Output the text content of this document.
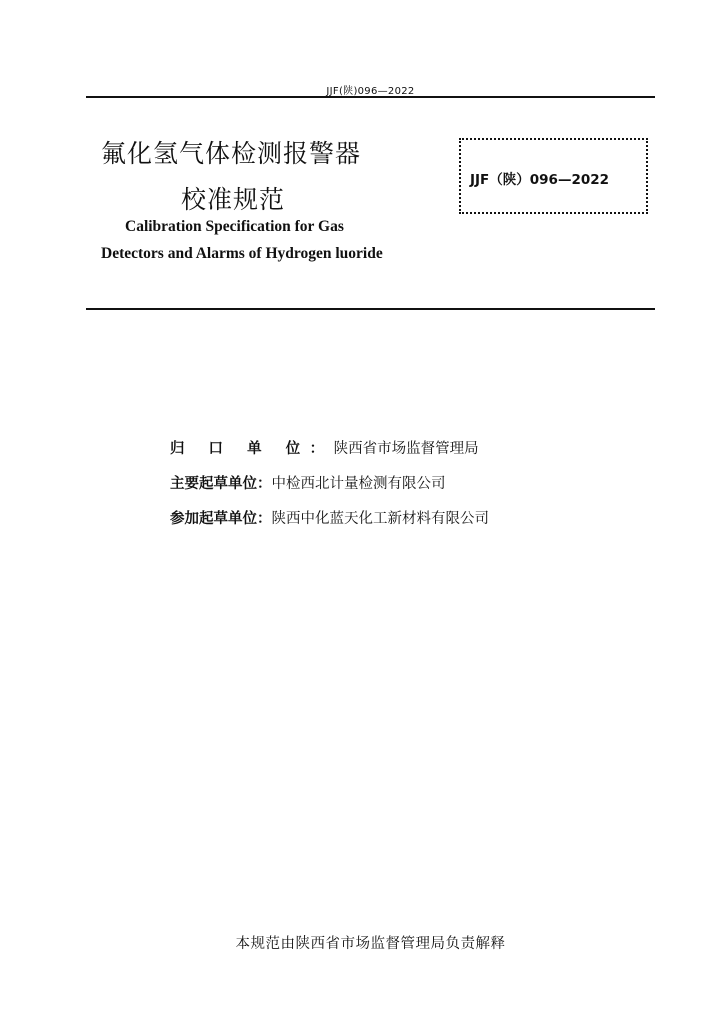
JJF(陕)096—2022
氟化氢气体检测报警器
校准规范
Calibration Specification for Gas
Detectors and Alarms of Hydrogen luoride
JJF（陕）096—2022
归 口 单 位：陕西省市场监督管理局
主要起草单位：中检西北计量检测有限公司
参加起草单位：陕西中化蓝天化工新材料有限公司
本规范由陕西省市场监督管理局负责解释
